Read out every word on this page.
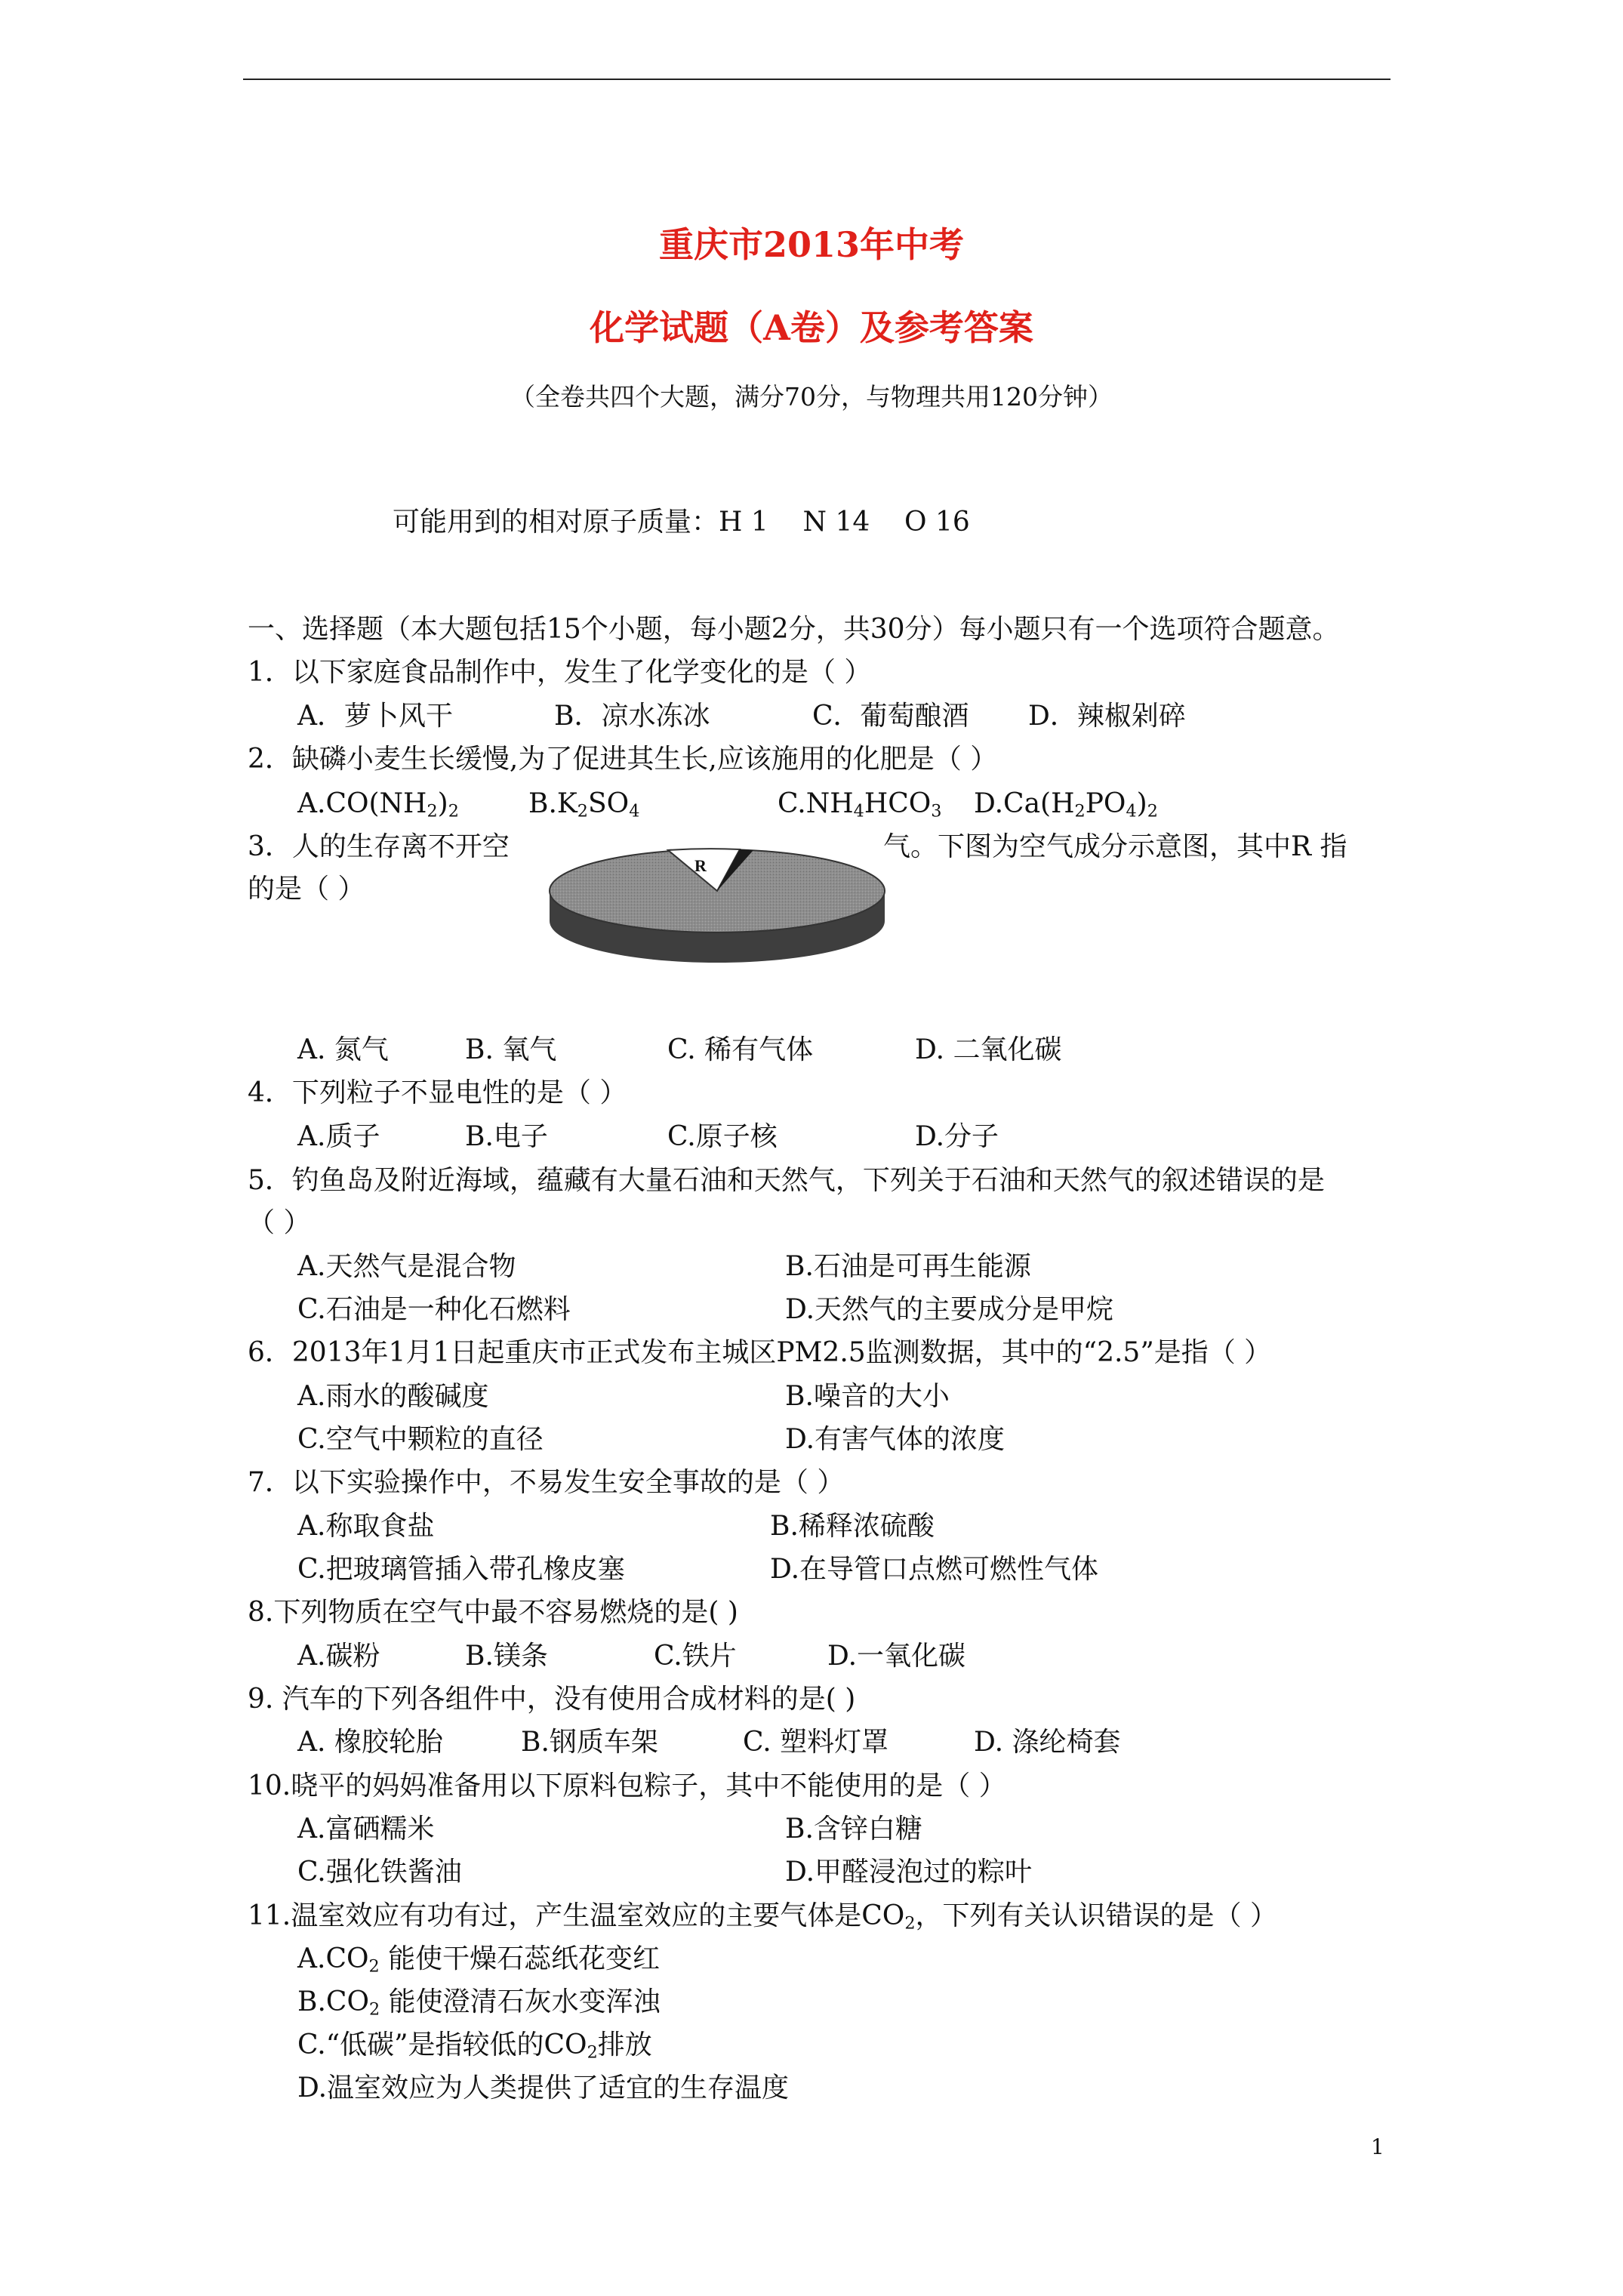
重庆市2013年中考
化学试题（A卷）及参考答案
（全卷共四个大题，满分70分，与物理共用120分钟）
可能用到的相对原子质量：H 1    N 14    O 16
一、选择题（本大题包括15个小题，每小题2分，共30分）每小题只有一个选项符合题意。
1．以下家庭食品制作中，发生了化学变化的是（ ）
A．萝卜风干	B．凉水冻冰	C．葡萄酿酒 D．辣椒剁碎
2．缺磷小麦生长缓慢,为了促进其生长,应该施用的化肥是（ ）
$A.CO(NH_2)_2$	$B.K_2SO_4$	$C.NH_4HCO_3$ $D.Ca(H_2PO_4)_2$
3．人的生存离不开空	气。下图为空气成分示意图，其中R 指
的是（ ）
R
A. 氮气	B. 氧气	C. 稀有气体	D. 二氧化碳
4．下列粒子不显电性的是（ ）
A.质子	B.电子	C.原子核	D.分子
5．钓鱼岛及附近海域，蕴藏有大量石油和天然气，下列关于石油和天然气的叙述错误的是
（ ）
A.天然气是混合物	B.石油是可再生能源
C.石油是一种化石燃料	D.天然气的主要成分是甲烷
6．2013年1月1日起重庆市正式发布主城区PM2.5监测数据，其中的“2.5”是指（ ）
A.雨水的酸碱度	B.噪音的大小
C.空气中颗粒的直径	D.有害气体的浓度
7．以下实验操作中，不易发生安全事故的是（ ）
A.称取食盐	B.稀释浓硫酸
C.把玻璃管插入带孔橡皮塞	D.在导管口点燃可燃性气体
8.下列物质在空气中最不容易燃烧的是( )
A.碳粉	B.镁条	C.铁片	D.一氧化碳
9. 汽车的下列各组件中，没有使用合成材料的是( )
A. 橡胶轮胎	B.钢质车架	C. 塑料灯罩	D. 涤纶椅套
10.晓平的妈妈准备用以下原料包粽子，其中不能使用的是（ ）
A.富硒糯米	B.含锌白糖
C.强化铁酱油	D.甲醛浸泡过的粽叶
11.温室效应有功有过，产生温室效应的主要气体是$CO_2$，下列有关认识错误的是（ ）
$A.CO_2$ 能使干燥石蕊纸花变红
$B.CO_2$ 能使澄清石灰水变浑浊
C.“低碳”是指较低的$CO_2$排放
D.温室效应为人类提供了适宜的生存温度
1
